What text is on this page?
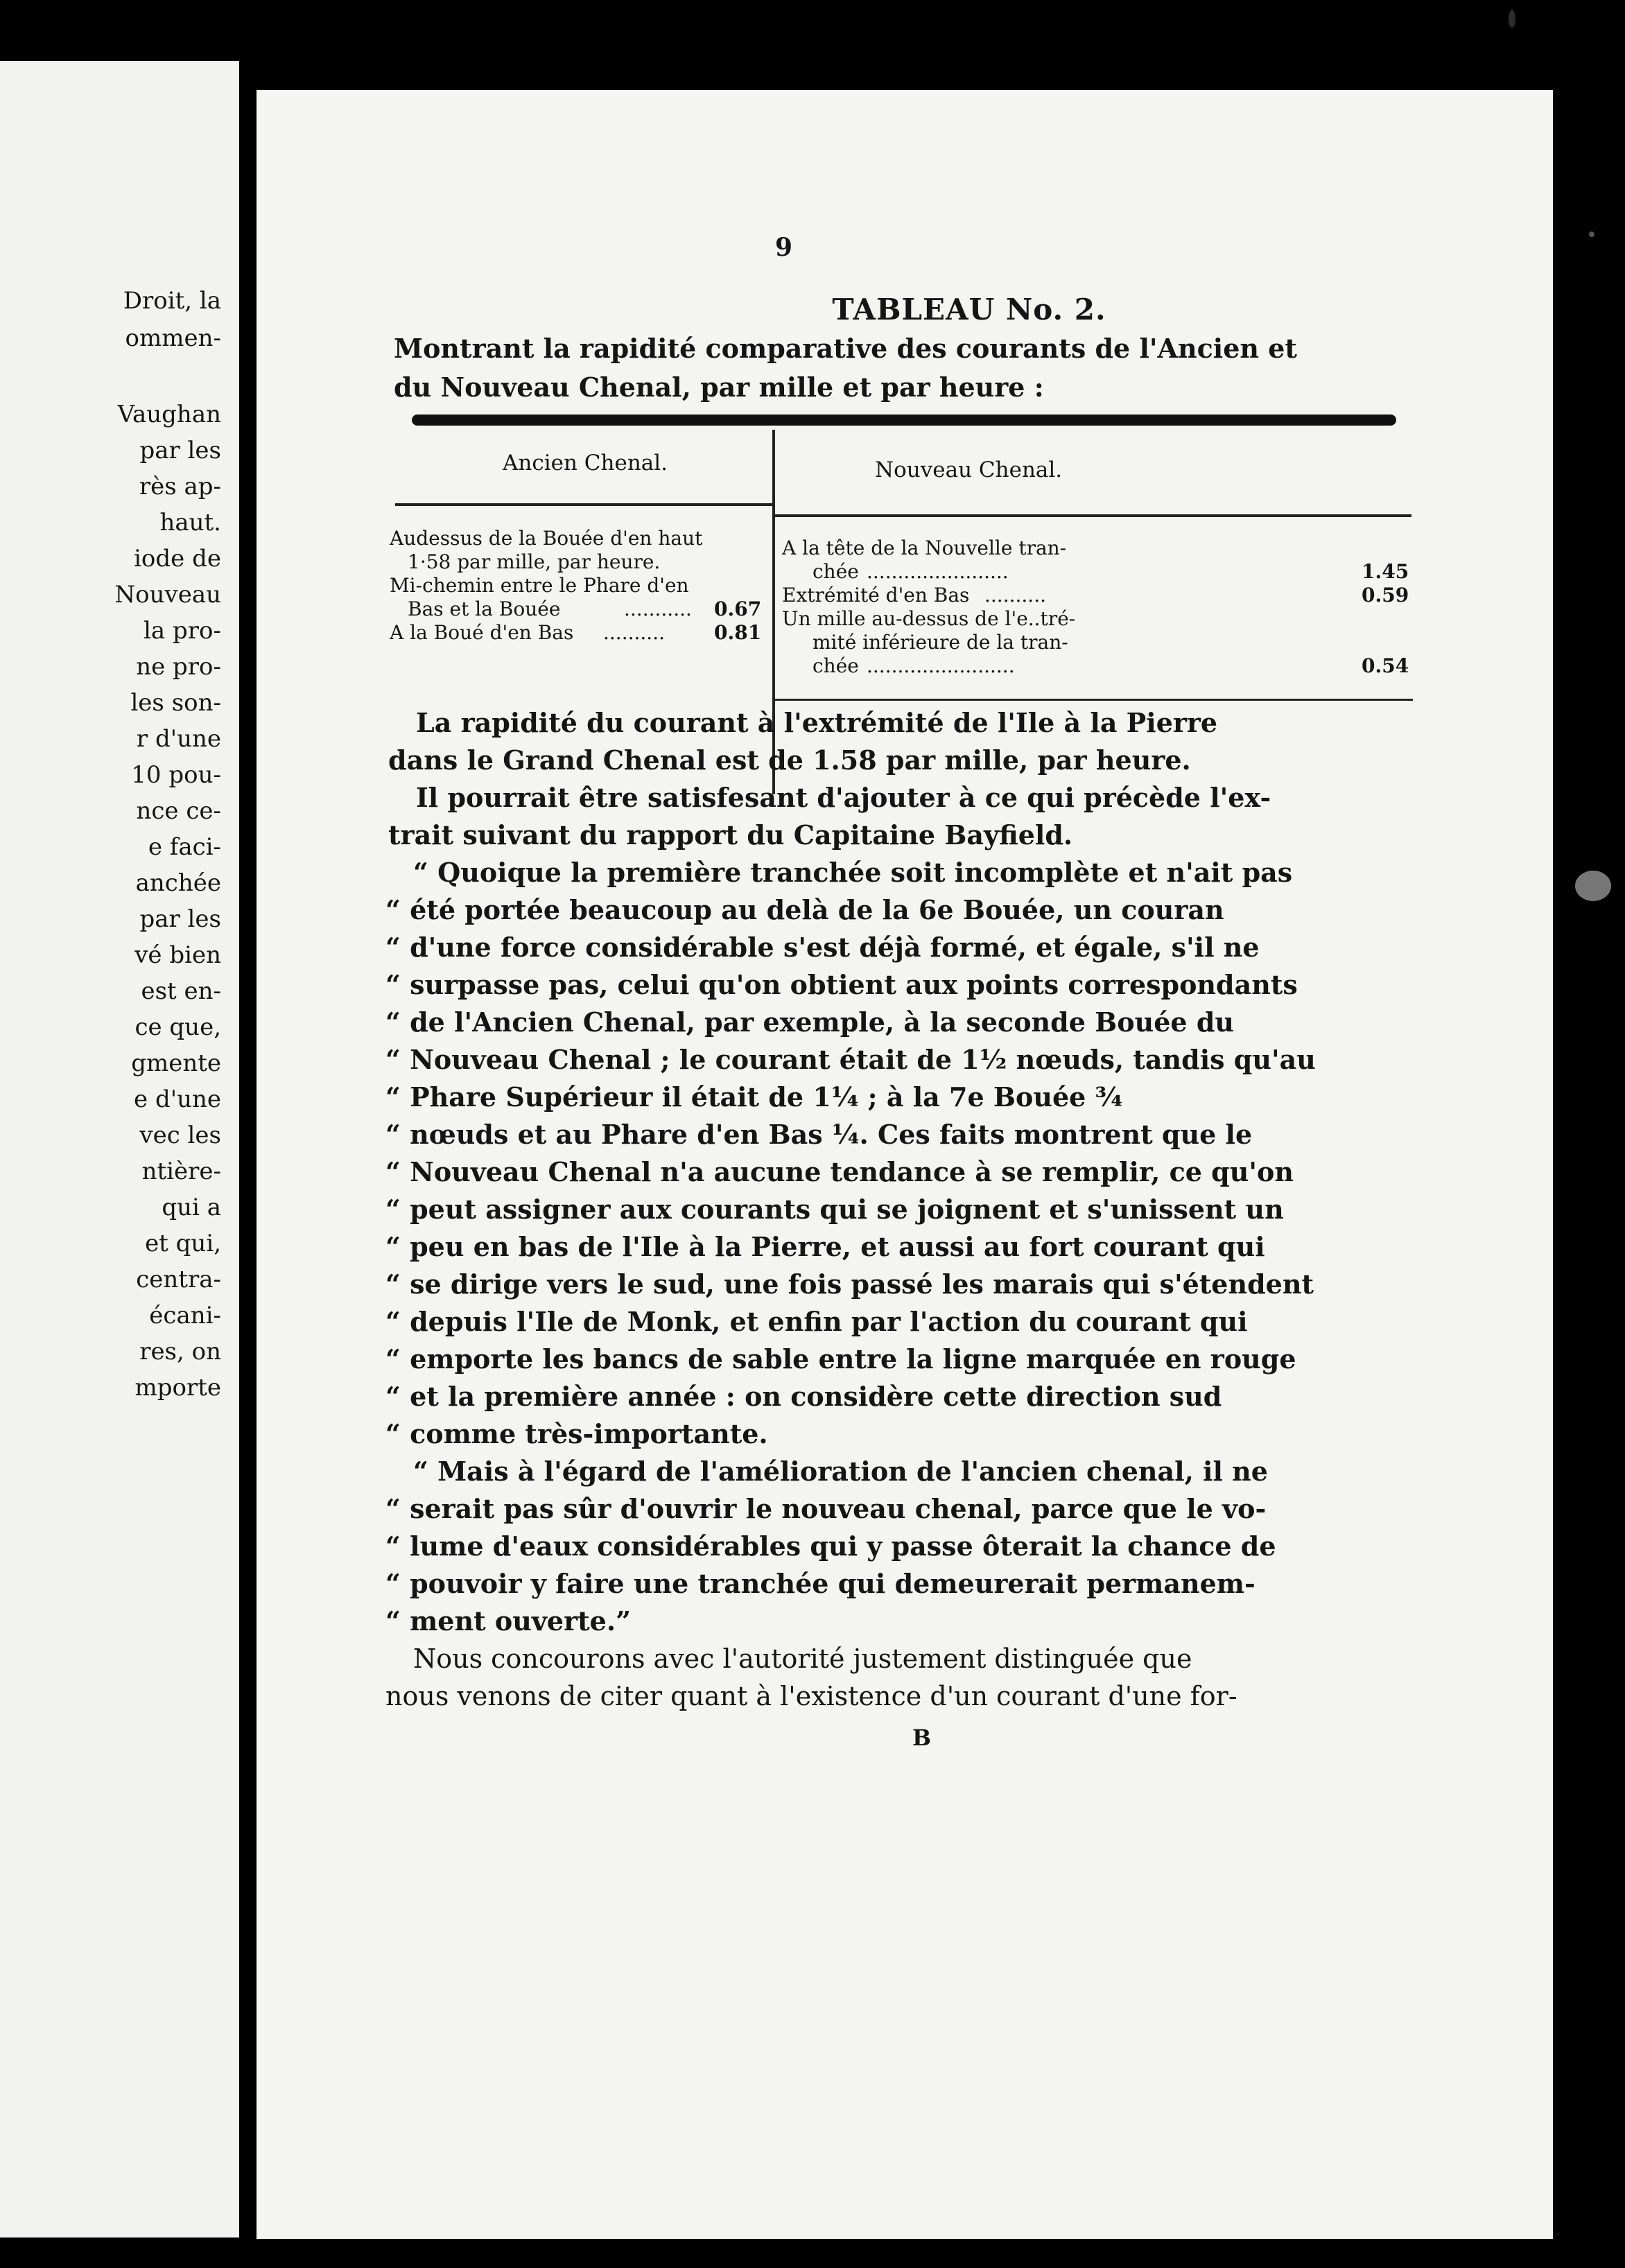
Droit, la
ommen-
Vaughan
par les
rès ap-
haut.
iode de
Nouveau
la pro-
ne pro-
les son-
r d'une
10 pou-
nce ce-
e faci-
anchée
par les
vé bien
est en-
ce que,
gmente
e d'une
vec les
ntière-
qui a
et qui,
centra-
écani-
res, on
mporte
9
TABLEAU No. 2.
Montrant la rapidité comparative des courants de l'Ancien et
du Nouveau Chenal, par mille et par heure :
Ancien Chenal.	Nouveau Chenal.
Audessus de la Bouée d'en haut
1·58 par mille, par heure.
Mi-chemin entre le Phare d'en
Bas et la Bouée	........... 0.67
A la Boué d'en Bas ..........	0.81
A la tête de la Nouvelle tran-
chée .......................	1.45
Extrémité d'en Bas ..........	0.59
Un mille au-dessus de l'e..tré-
mité inférieure de la tran-
chée ........................	0.54
La rapidité du courant à l'extrémité de l'Ile à la Pierre
dans le Grand Chenal est de 1.58 par mille, par heure.
Il pourrait être satisfesant d'ajouter à ce qui précède l'ex-
trait suivant du rapport du Capitaine Bayfield.
“ Quoique la première tranchée soit incomplète et n'ait pas
“ été portée beaucoup au delà de la 6e Bouée, un couran
“ d'une force considérable s'est déjà formé, et égale, s'il ne
“ surpasse pas, celui qu'on obtient aux points correspondants
“ de l'Ancien Chenal, par exemple, à la seconde Bouée du
“ Nouveau Chenal ; le courant était de 1½ nœuds, tandis qu'au
“ Phare Supérieur il était de 1¼ ; à la 7e Bouée ¾
“ nœuds et au Phare d'en Bas ¼. Ces faits montrent que le
“ Nouveau Chenal n'a aucune tendance à se remplir, ce qu'on
“ peut assigner aux courants qui se joignent et s'unissent un
“ peu en bas de l'Ile à la Pierre, et aussi au fort courant qui
“ se dirige vers le sud, une fois passé les marais qui s'étendent
“ depuis l'Ile de Monk, et enfin par l'action du courant qui
“ emporte les bancs de sable entre la ligne marquée en rouge
“ et la première année : on considère cette direction sud
“ comme très-importante.
“ Mais à l'égard de l'amélioration de l'ancien chenal, il ne
“ serait pas sûr d'ouvrir le nouveau chenal, parce que le vo-
“ lume d'eaux considérables qui y passe ôterait la chance de
“ pouvoir y faire une tranchée qui demeurerait permanem-
“ ment ouverte.”
Nous concourons avec l'autorité justement distinguée que
nous venons de citer quant à l'existence d'un courant d'une for-
B
